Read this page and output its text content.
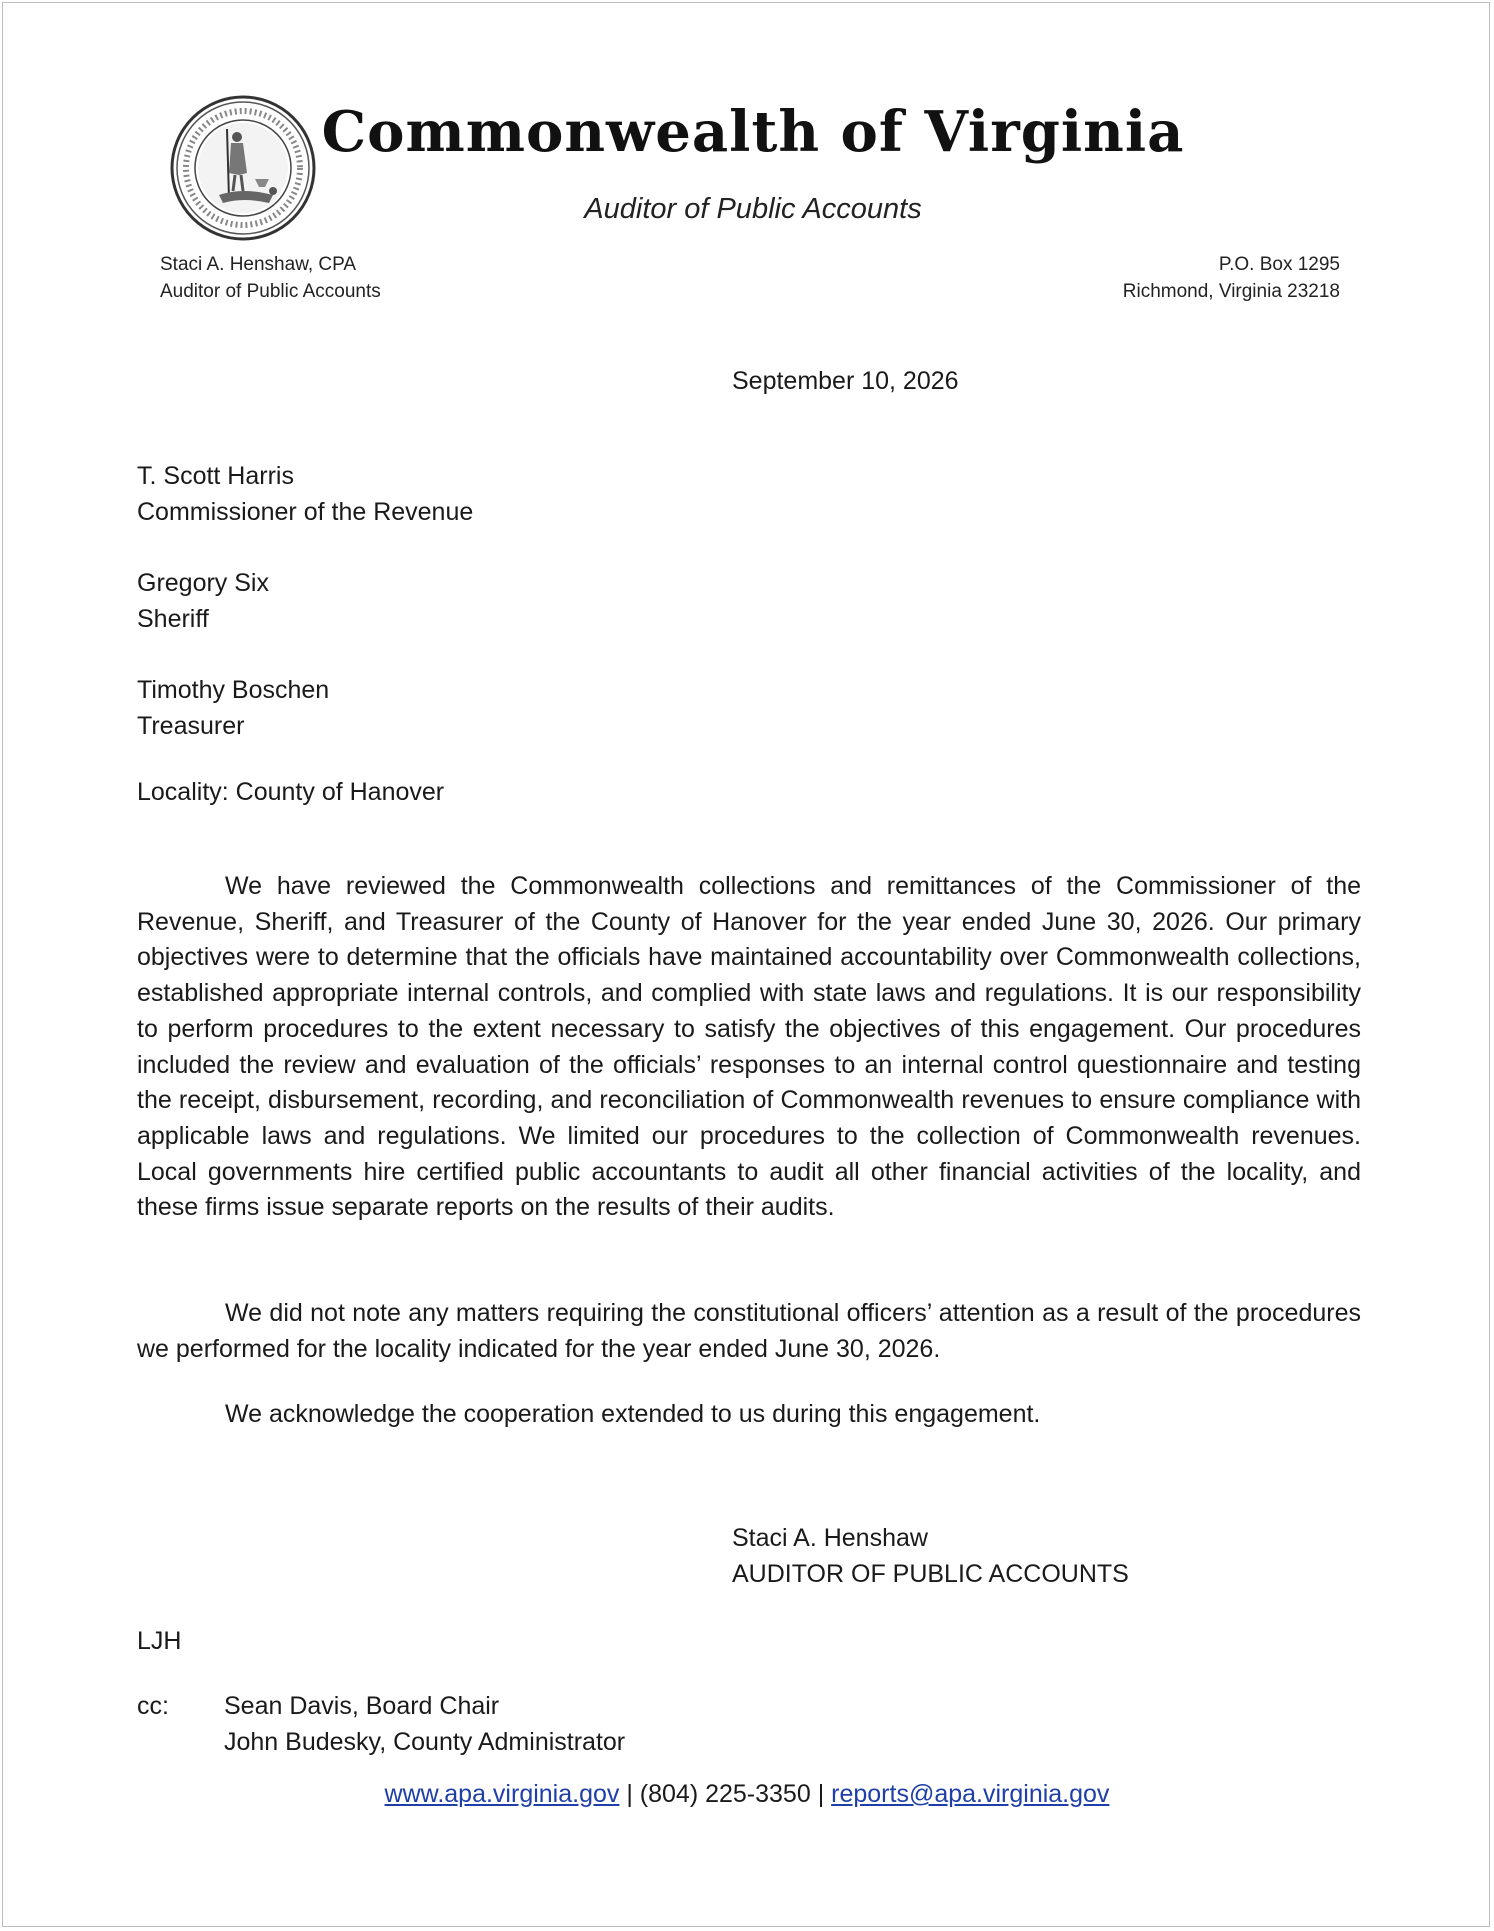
Commonwealth of Virginia
Auditor of Public Accounts
Staci A. Henshaw, CPA
Auditor of Public Accounts
P.O. Box 1295
Richmond, Virginia 23218
September 10, 2026
T. Scott Harris
Commissioner of the Revenue
Gregory Six
Sheriff
Timothy Boschen
Treasurer
Locality: County of Hanover
We have reviewed the Commonwealth collections and remittances of the Commissioner of the Revenue, Sheriff, and Treasurer of the County of Hanover for the year ended June 30, 2026. Our primary objectives were to determine that the officials have maintained accountability over Commonwealth collections, established appropriate internal controls, and complied with state laws and regulations. It is our responsibility to perform procedures to the extent necessary to satisfy the objectives of this engagement. Our procedures included the review and evaluation of the officials’ responses to an internal control questionnaire and testing the receipt, disbursement, recording, and reconciliation of Commonwealth revenues to ensure compliance with applicable laws and regulations. We limited our procedures to the collection of Commonwealth revenues. Local governments hire certified public accountants to audit all other financial activities of the locality, and these firms issue separate reports on the results of their audits.
We did not note any matters requiring the constitutional officers’ attention as a result of the procedures we performed for the locality indicated for the year ended June 30, 2026.
We acknowledge the cooperation extended to us during this engagement.
Staci A. Henshaw
AUDITOR OF PUBLIC ACCOUNTS
LJH
cc: Sean Davis, Board Chair
John Budesky, County Administrator
www.apa.virginia.gov | (804) 225-3350 | reports@apa.virginia.gov
